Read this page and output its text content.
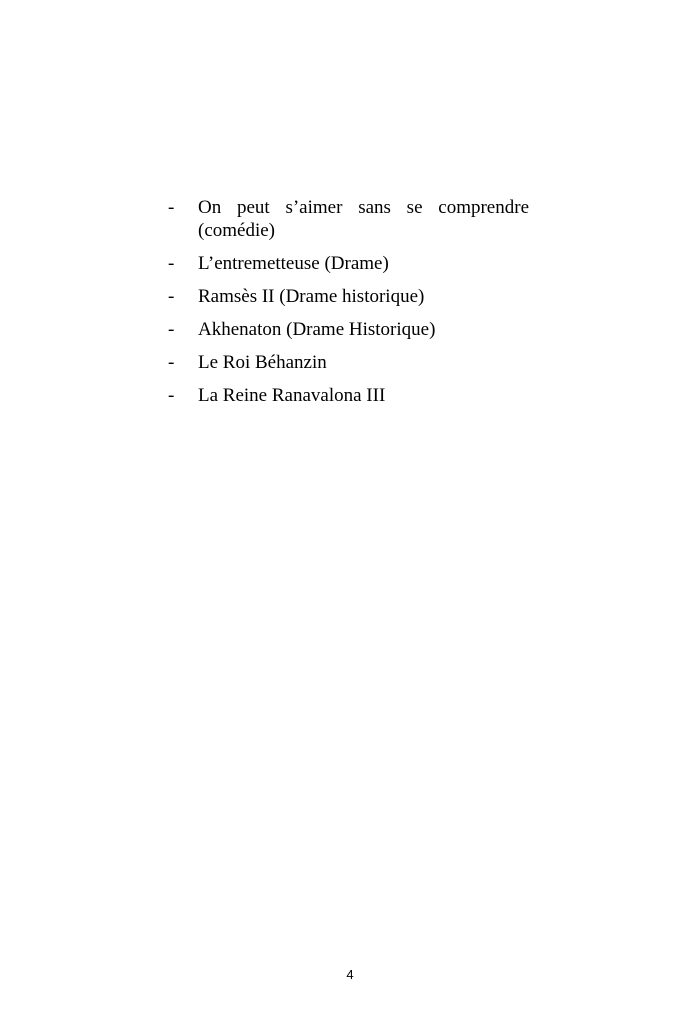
- On peut s’aimer sans se comprendre (comédie)
- L’entremetteuse (Drame)
- Ramsès II (Drame historique)
- Akhenaton (Drame Historique)
- Le Roi Béhanzin
- La Reine Ranavalona III
4
